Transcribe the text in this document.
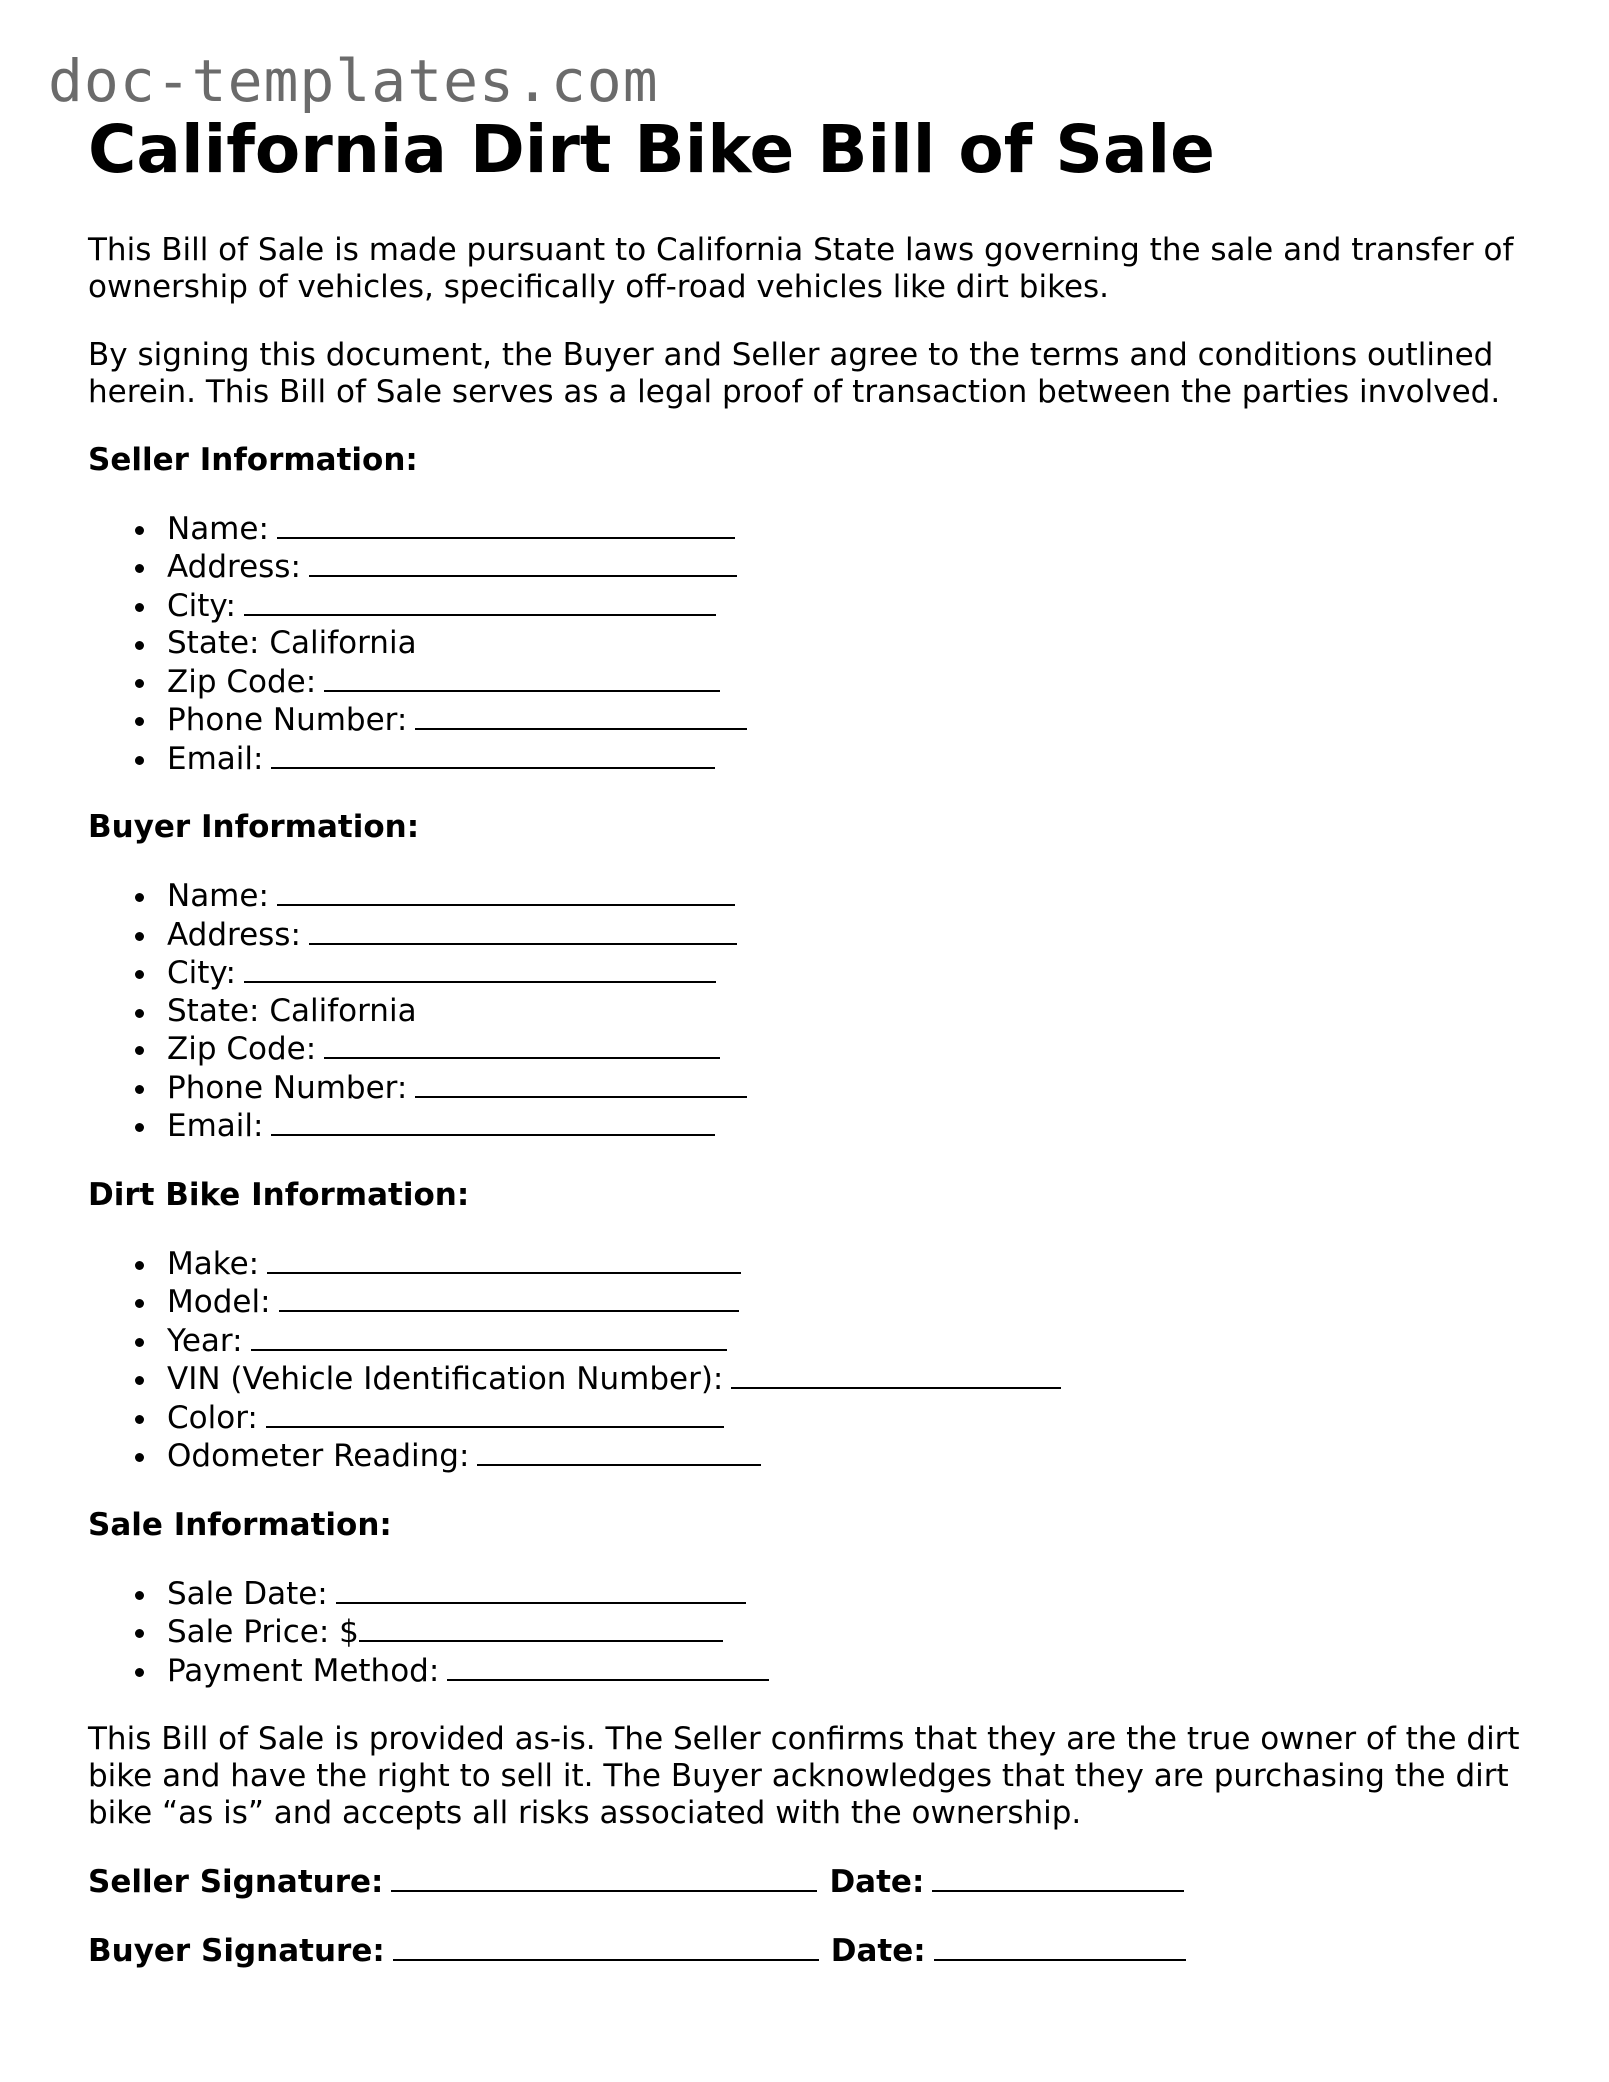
doc-templates.com
California Dirt Bike Bill of Sale

This Bill of Sale is made pursuant to California State laws governing the sale and transfer of ownership of vehicles, specifically off-road vehicles like dirt bikes.

By signing this document, the Buyer and Seller agree to the terms and conditions outlined herein. This Bill of Sale serves as a legal proof of transaction between the parties involved.

Seller Information:
Name:
Address:
City:
State: California
Zip Code:
Phone Number:
Email:
Buyer Information:
Name:
Address:
City:
State: California
Zip Code:
Phone Number:
Email:
Dirt Bike Information:
Make:
Model:
Year:
VIN (Vehicle Identification Number):
Color:
Odometer Reading:
Sale Information:
Sale Date:
Sale Price: $
Payment Method:

This Bill of Sale is provided as-is. The Seller confirms that they are the true owner of the dirt bike and have the right to sell it. The Buyer acknowledges that they are purchasing the dirt bike “as is” and accepts all risks associated with the ownership.

Seller Signature:	Date:
Buyer Signature:	Date:
